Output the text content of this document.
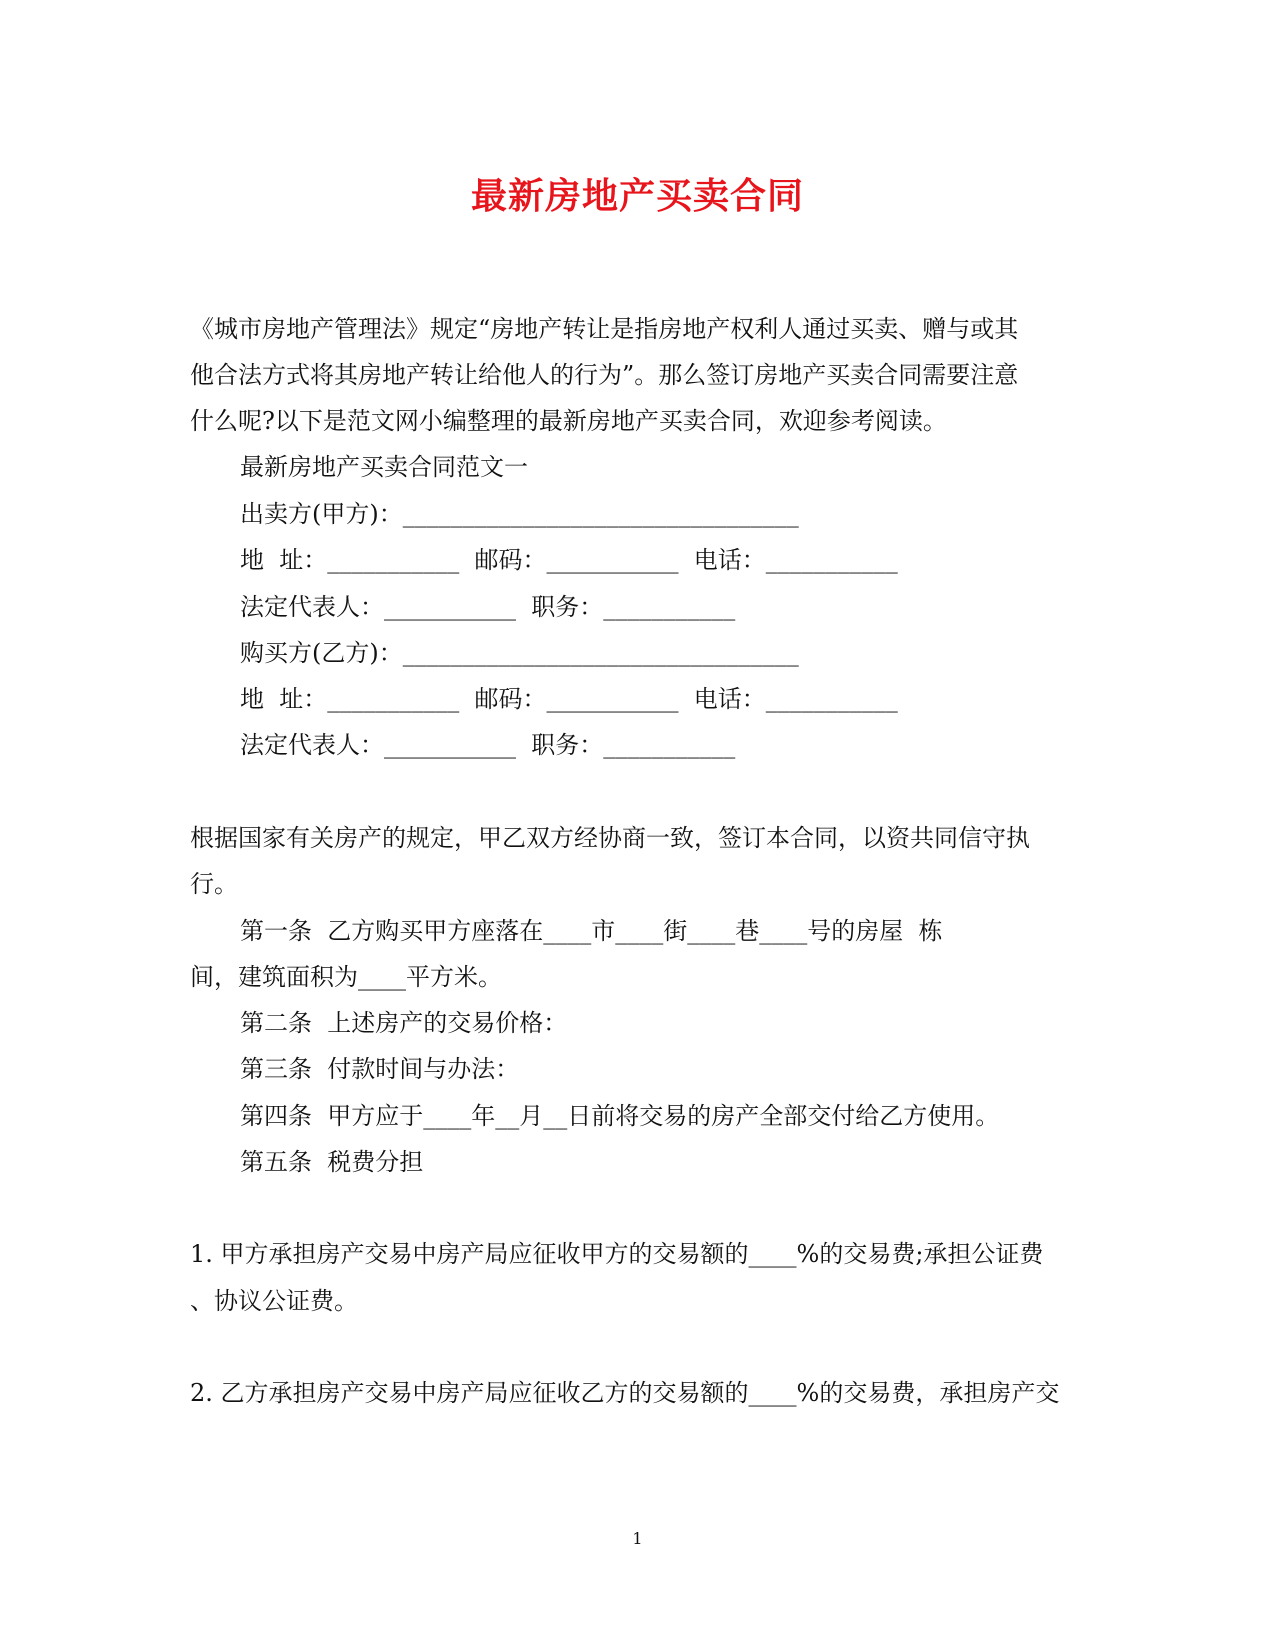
最新房地产买卖合同

《城市房地产管理法》规定“房地产转让是指房地产权利人通过买卖、赠与或其

他合法方式将其房地产转让给他人的行为”。那么签订房地产买卖合同需要注意

什么呢?以下是范文网小编整理的最新房地产买卖合同，欢迎参考阅读。

最新房地产买卖合同范文一

出卖方(甲方)：_________________________________

地  址：___________  邮码：___________  电话：___________

法定代表人：___________  职务：___________

购买方(乙方)：_________________________________

地  址：___________  邮码：___________  电话：___________

法定代表人：___________  职务：___________

根据国家有关房产的规定，甲乙双方经协商一致，签订本合同，以资共同信守执

行。

第一条  乙方购买甲方座落在____市____街____巷____号的房屋  栋

间，建筑面积为____平方米。

第二条  上述房产的交易价格：

第三条  付款时间与办法：

第四条  甲方应于____年__月__日前将交易的房产全部交付给乙方使用。

第五条  税费分担

1. 甲方承担房产交易中房产局应征收甲方的交易额的____%的交易费;承担公证费

、协议公证费。

2. 乙方承担房产交易中房产局应征收乙方的交易额的____%的交易费，承担房产交

1
